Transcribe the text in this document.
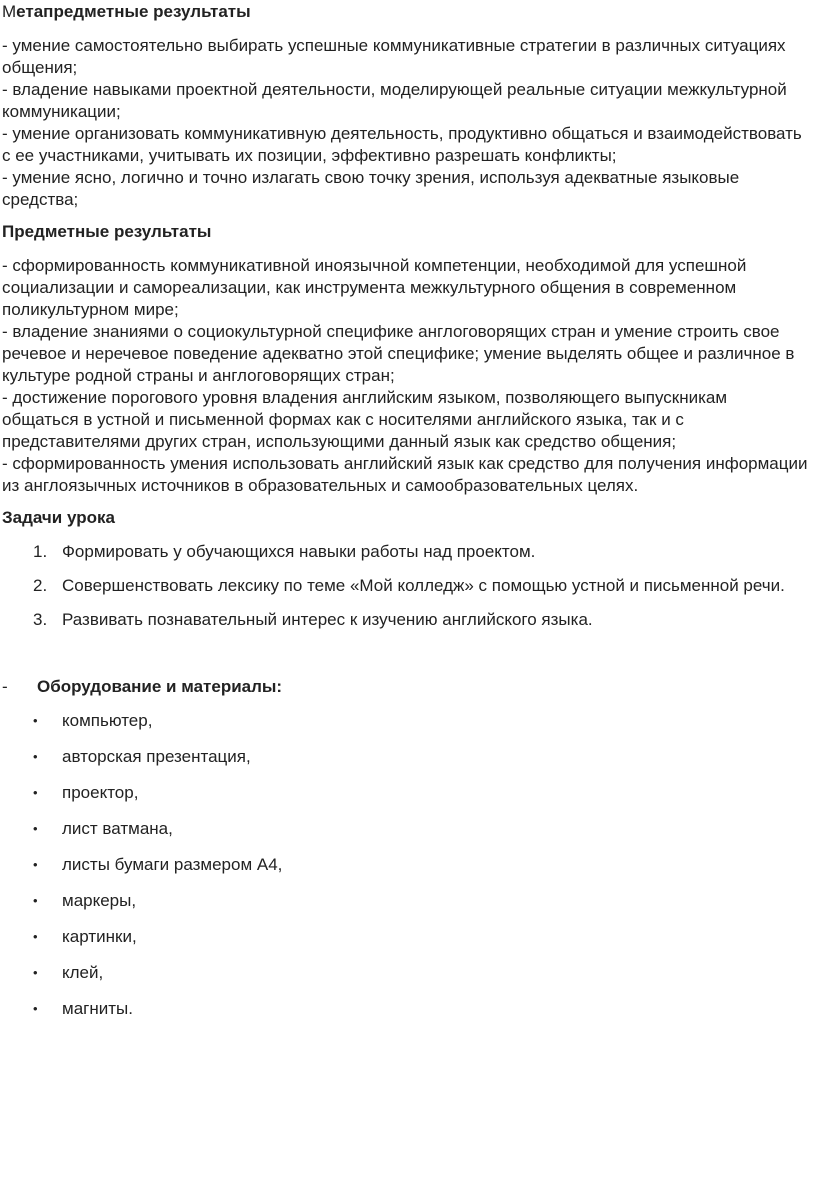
Метапредметные результаты

- умение самостоятельно выбирать успешные коммуникативные стратегии в различных ситуациях общения;

- владение навыками проектной деятельности, моделирующей реальные ситуации межкультурной коммуникации;

- умение организовать коммуникативную деятельность, продуктивно общаться и взаимодействовать с ее участниками, учитывать их позиции, эффективно разрешать конфликты;

- умение ясно, логично и точно излагать свою точку зрения, используя адекватные языковые средства;

Предметные результаты

- сформированность коммуникативной иноязычной компетенции, необходимой для успешной социализации и самореализации, как инструмента межкультурного общения в современном поликультурном мире;

- владение знаниями о социокультурной специфике англоговорящих стран и умение строить свое речевое и неречевое поведение адекватно этой специфике; умение выделять общее и различное в культуре родной страны и англоговорящих стран;

- достижение порогового уровня владения английским языком, позволяющего выпускникам общаться в устной и письменной формах как с носителями английского языка, так и с представителями других стран, использующими данный язык как средство общения;

- сформированность умения использовать английский язык как средство для получения информации из англоязычных источников в образовательных и самообразовательных целях.

Задачи урока

1. Формировать у обучающихся навыки работы над проектом.
2. Совершенствовать лексику по теме «Мой колледж» с помощью устной и письменной речи.
3. Развивать познавательный интерес к изучению английского языка.
- Оборудование и материалы:
• компьютер,
• авторская презентация,
• проектор,
• лист ватмана,
• листы бумаги размером А4,
• маркеры,
• картинки,
• клей,
• магниты.
